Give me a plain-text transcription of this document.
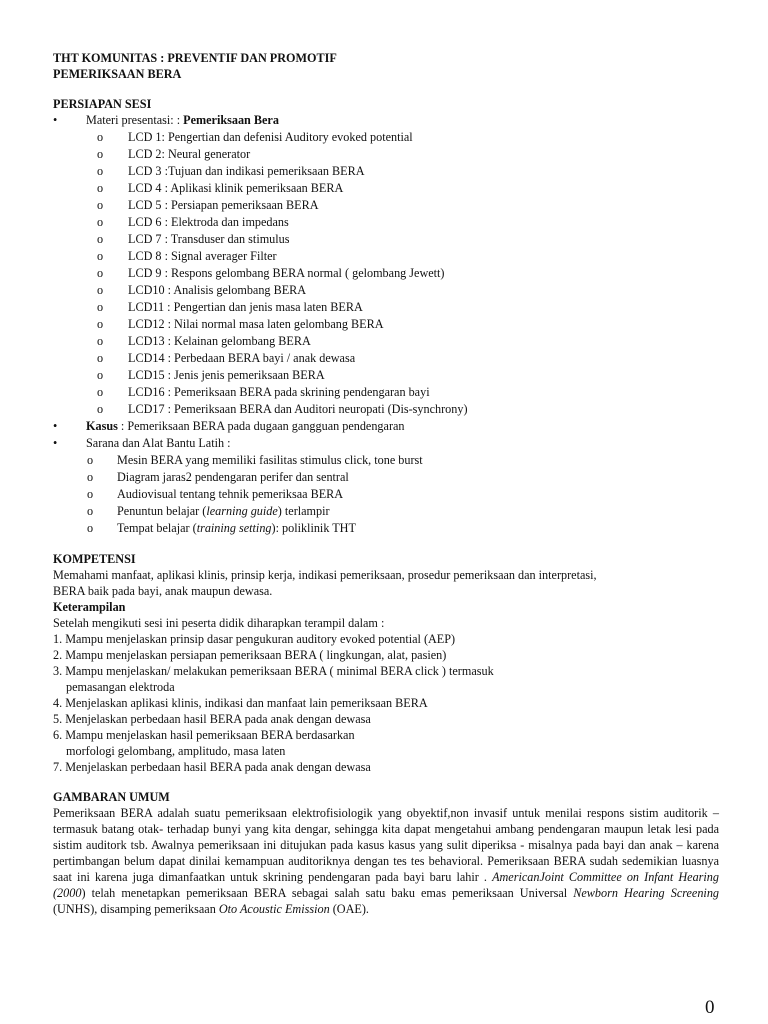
THT KOMUNITAS : PREVENTIF DAN PROMOTIF
PEMERIKSAAN BERA
PERSIAPAN SESI
• Materi presentasi: : Pemeriksaan Bera
o LCD 1: Pengertian dan defenisi Auditory evoked potential
o LCD 2: Neural generator
o LCD 3 :Tujuan dan indikasi pemeriksaan BERA
o LCD 4 : Aplikasi klinik pemeriksaan BERA
o LCD 5 : Persiapan pemeriksaan BERA
o LCD 6 : Elektroda dan impedans
o LCD 7 : Transduser dan stimulus
o LCD 8 : Signal averager Filter
o LCD 9 : Respons gelombang BERA normal ( gelombang Jewett)
o LCD10 : Analisis gelombang BERA
o LCD11 : Pengertian dan jenis masa laten BERA
o LCD12 : Nilai normal masa laten gelombang BERA
o LCD13 : Kelainan gelombang BERA
o LCD14 : Perbedaan BERA bayi / anak dewasa
o LCD15 : Jenis jenis pemeriksaan BERA
o LCD16 : Pemeriksaan BERA pada skrining pendengaran bayi
o LCD17 : Pemeriksaan BERA dan Auditori neuropati (Dis-synchrony)
• Kasus : Pemeriksaan BERA pada dugaan gangguan pendengaran
• Sarana dan Alat Bantu Latih :
o Mesin BERA yang memiliki fasilitas stimulus click, tone burst
o Diagram jaras2 pendengaran perifer dan sentral
o Audiovisual tentang tehnik pemeriksaa BERA
o Penuntun belajar (learning guide) terlampir
o Tempat belajar (training setting): poliklinik THT
KOMPETENSI
Memahami manfaat, aplikasi klinis, prinsip kerja, indikasi pemeriksaan, prosedur pemeriksaan dan interpretasi,
BERA baik pada bayi, anak maupun dewasa.
Keterampilan
Setelah mengikuti sesi ini peserta didik diharapkan terampil dalam :
1. Mampu menjelaskan prinsip dasar pengukuran auditory evoked potential (AEP)
2. Mampu menjelaskan persiapan pemeriksaan BERA ( lingkungan, alat, pasien)
3. Mampu menjelaskan/ melakukan pemeriksaan BERA ( minimal BERA click ) termasuk
pemasangan elektroda
4. Menjelaskan aplikasi klinis, indikasi dan manfaat lain pemeriksaan BERA
5. Menjelaskan perbedaan hasil BERA pada anak dengan dewasa
6. Mampu menjelaskan hasil pemeriksaan BERA berdasarkan
morfologi gelombang, amplitudo, masa laten
7. Menjelaskan perbedaan hasil BERA pada anak dengan dewasa
GAMBARAN UMUM

Pemeriksaan BERA adalah suatu pemeriksaan elektrofisiologik yang obyektif,non invasif untuk menilai respons sistim auditorik – termasuk batang otak- terhadap bunyi yang kita dengar, sehingga kita dapat mengetahui ambang pendengaran maupun letak lesi pada sistim auditork tsb. Awalnya pemeriksaan ini ditujukan pada kasus kasus yang sulit diperiksa - misalnya pada bayi dan anak – karena pertimbangan belum dapat dinilai kemampuan auditoriknya dengan tes tes behavioral. Pemeriksaan BERA sudah sedemikian luasnya saat ini karena juga dimanfaatkan untuk skrining pendengaran pada bayi baru lahir . AmericanJoint Committee on Infant Hearing (2000) telah menetapkan pemeriksaan BERA sebagai salah satu baku emas pemeriksaan Universal Newborn Hearing Screening (UNHS), disamping pemeriksaan Oto Acoustic Emission (OAE).

0
